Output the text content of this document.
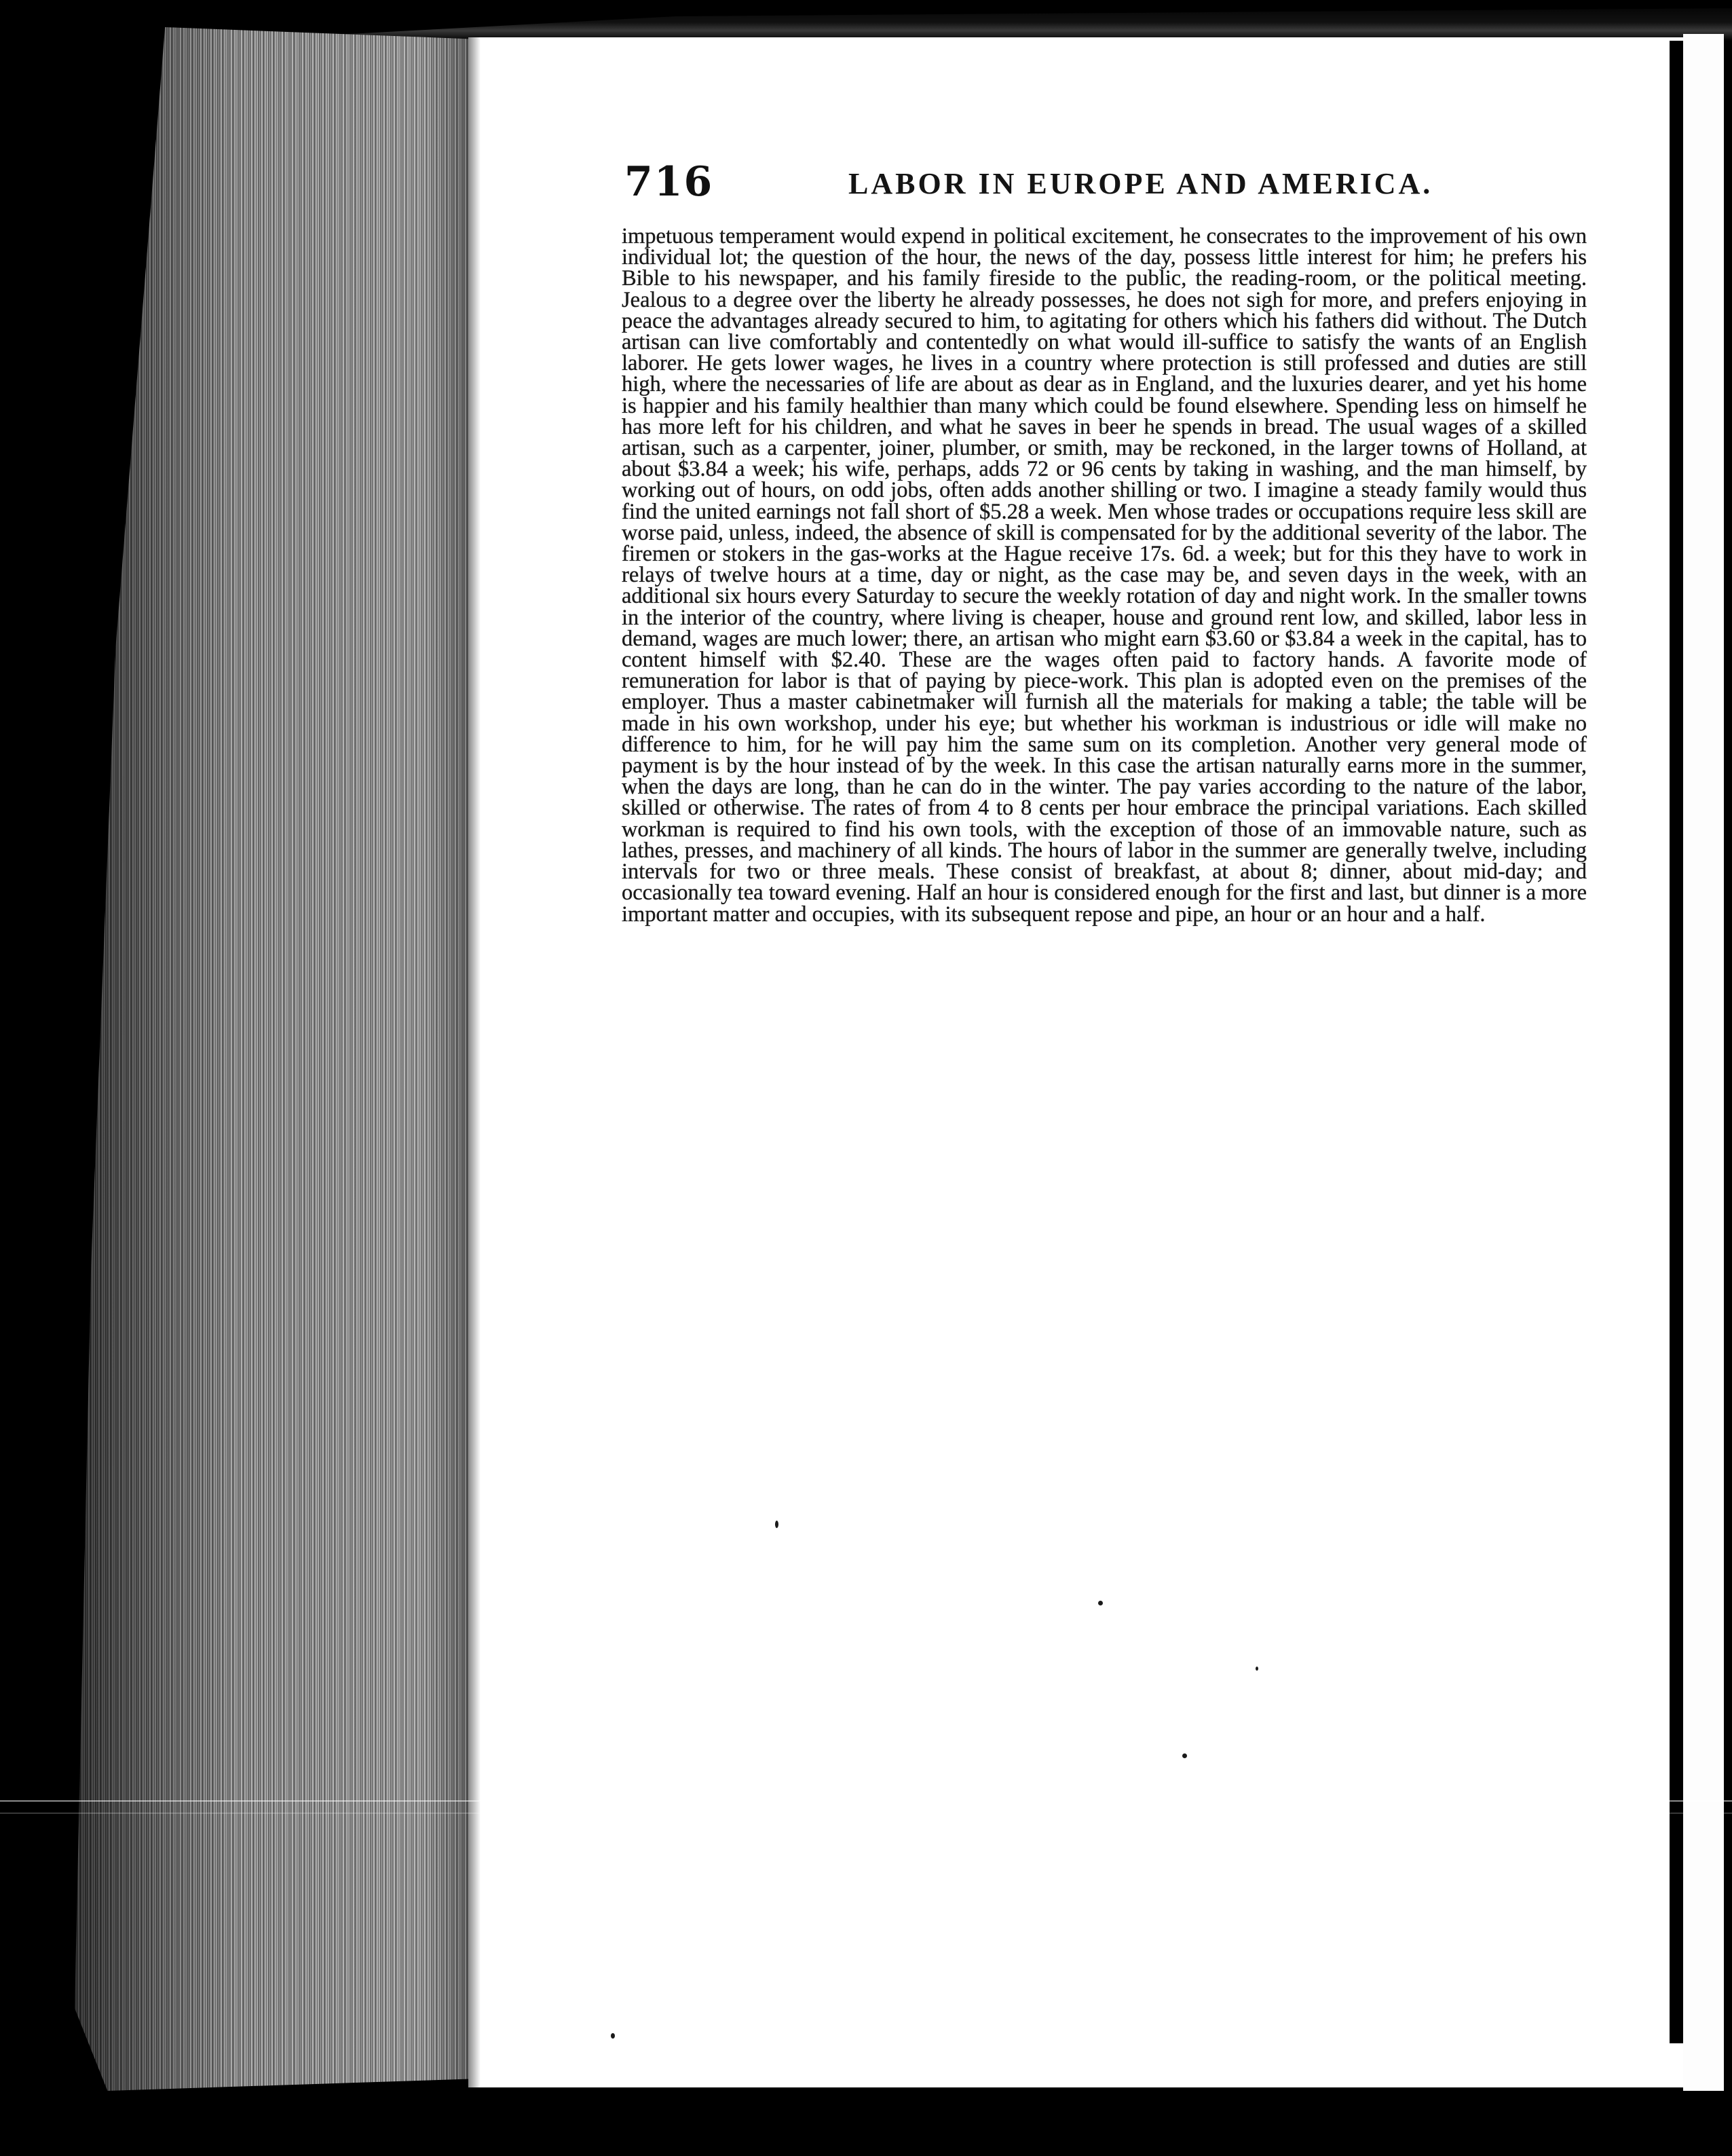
716	LABOR IN EUROPE AND AMERICA.

impetuous temperament would expend in political excitement, he consecrates to the improvement of his own individual lot; the question of the hour, the news of the day, possess little interest for him; he prefers his Bible to his newspaper, and his family fireside to the public, the reading-room, or the political meeting. Jealous to a degree over the liberty he already possesses, he does not sigh for more, and prefers enjoying in peace the advantages already secured to him, to agitating for others which his fathers did without. The Dutch artisan can live comfortably and contentedly on what would ill-suffice to satisfy the wants of an English laborer. He gets lower wages, he lives in a country where protection is still professed and duties are still high, where the necessaries of life are about as dear as in England, and the luxuries dearer, and yet his home is happier and his family healthier than many which could be found elsewhere. Spending less on himself he has more left for his children, and what he saves in beer he spends in bread. The usual wages of a skilled artisan, such as a carpenter, joiner, plumber, or smith, may be reckoned, in the larger towns of Holland, at about $3.84 a week; his wife, perhaps, adds 72 or 96 cents by taking in washing, and the man himself, by working out of hours, on odd jobs, often adds another shilling or two. I imagine a steady family would thus find the united earnings not fall short of $5.28 a week. Men whose trades or occupations require less skill are worse paid, unless, indeed, the absence of skill is compensated for by the additional severity of the labor. The firemen or stokers in the gas-works at the Hague receive 17s. 6d. a week; but for this they have to work in relays of twelve hours at a time, day or night, as the case may be, and seven days in the week, with an additional six hours every Saturday to secure the weekly rotation of day and night work. In the smaller towns in the interior of the country, where living is cheaper, house and ground rent low, and skilled, labor less in demand, wages are much lower; there, an artisan who might earn $3.60 or $3.84 a week in the capital, has to content himself with $2.40. These are the wages often paid to factory hands. A favorite mode of remuneration for labor is that of paying by piece-work. This plan is adopted even on the premises of the employer. Thus a master cabinetmaker will furnish all the materials for making a table; the table will be made in his own workshop, under his eye; but whether his workman is industrious or idle will make no difference to him, for he will pay him the same sum on its completion. Another very general mode of payment is by the hour instead of by the week. In this case the artisan naturally earns more in the summer, when the days are long, than he can do in the winter. The pay varies according to the nature of the labor, skilled or otherwise. The rates of from 4 to 8 cents per hour embrace the principal variations. Each skilled workman is required to find his own tools, with the exception of those of an immovable nature, such as lathes, presses, and machinery of all kinds. The hours of labor in the summer are generally twelve, including intervals for two or three meals. These consist of breakfast, at about 8; dinner, about mid-day; and occasionally tea toward evening. Half an hour is considered enough for the first and last, but dinner is a more important matter and occupies, with its subsequent repose and pipe, an hour or an hour and a half.
